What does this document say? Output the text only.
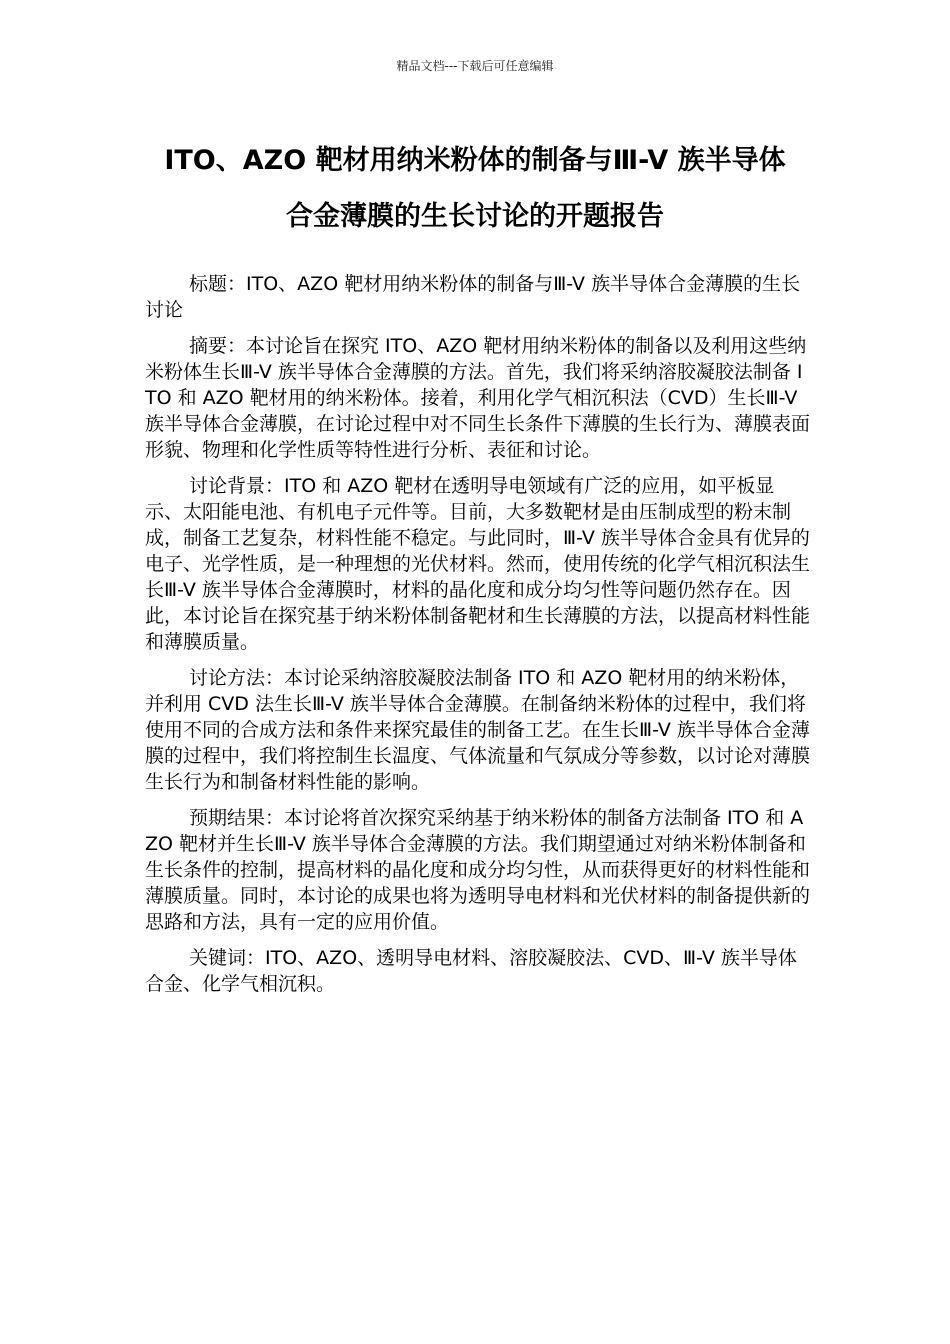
精品文档---下载后可任意编辑
ITO、AZO 靶材用纳米粉体的制备与Ⅲ-V 族半导体
合金薄膜的生长讨论的开题报告

标题：ITO、AZO 靶材用纳米粉体的制备与Ⅲ-V 族半导体合金薄膜的生长讨论

摘要：本讨论旨在探究 ITO、AZO 靶材用纳米粉体的制备以及利用这些纳米粉体生长Ⅲ-V 族半导体合金薄膜的方法。首先，我们将采纳溶胶凝胶法制备 ITO 和 AZO 靶材用的纳米粉体。接着，利用化学气相沉积法（CVD）生长Ⅲ-V 族半导体合金薄膜，在讨论过程中对不同生长条件下薄膜的生长行为、薄膜表面形貌、物理和化学性质等特性进行分析、表征和讨论。

讨论背景：ITO 和 AZO 靶材在透明导电领域有广泛的应用，如平板显示、太阳能电池、有机电子元件等。目前，大多数靶材是由压制成型的粉末制成，制备工艺复杂，材料性能不稳定。与此同时，Ⅲ-V 族半导体合金具有优异的电子、光学性质，是一种理想的光伏材料。然而，使用传统的化学气相沉积法生长Ⅲ-V 族半导体合金薄膜时，材料的晶化度和成分均匀性等问题仍然存在。因此，本讨论旨在探究基于纳米粉体制备靶材和生长薄膜的方法，以提高材料性能和薄膜质量。

讨论方法：本讨论采纳溶胶凝胶法制备 ITO 和 AZO 靶材用的纳米粉体，并利用 CVD 法生长Ⅲ-V 族半导体合金薄膜。在制备纳米粉体的过程中，我们将使用不同的合成方法和条件来探究最佳的制备工艺。在生长Ⅲ-V 族半导体合金薄膜的过程中，我们将控制生长温度、气体流量和气氛成分等参数，以讨论对薄膜生长行为和制备材料性能的影响。

预期结果：本讨论将首次探究采纳基于纳米粉体的制备方法制备 ITO 和 AZO 靶材并生长Ⅲ-V 族半导体合金薄膜的方法。我们期望通过对纳米粉体制备和生长条件的控制，提高材料的晶化度和成分均匀性，从而获得更好的材料性能和薄膜质量。同时，本讨论的成果也将为透明导电材料和光伏材料的制备提供新的思路和方法，具有一定的应用价值。

关键词：ITO、AZO、透明导电材料、溶胶凝胶法、CVD、Ⅲ-V 族半导体合金、化学气相沉积。
